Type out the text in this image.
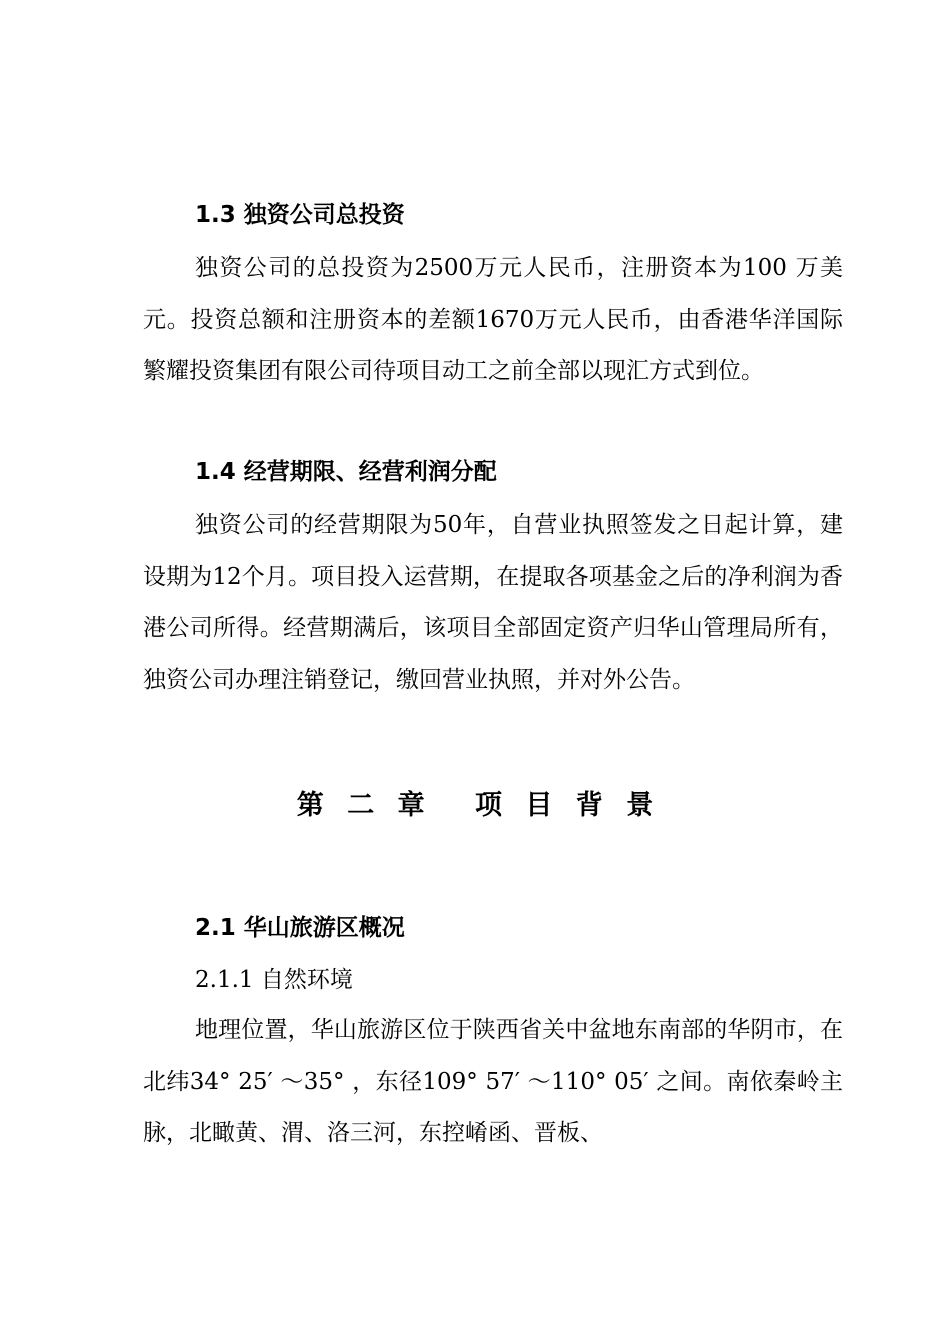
1.3 独资公司总投资
独资公司的总投资为2500万元人民币，注册资本为100 万美元。投资总额和注册资本的差额1670万元人民币，由香港华洋国际繁耀投资集团有限公司待项目动工之前全部以现汇方式到位。
1.4 经营期限、经营利润分配
独资公司的经营期限为50年，自营业执照签发之日起计算，建设期为12个月。项目投入运营期，在提取各项基金之后的净利润为香港公司所得。经营期满后，该项目全部固定资产归华山管理局所有，独资公司办理注销登记，缴回营业执照，并对外公告。
第 二 章　 项 目 背 景
2.1 华山旅游区概况
2.1.1 自然环境
地理位置，华山旅游区位于陕西省关中盆地东南部的华阴市，在北纬34° 25′ ～35° ，东径109° 57′ ～110° 05′ 之间。南依秦岭主脉，北瞰黄、渭、洛三河，东控崤函、晋板、
